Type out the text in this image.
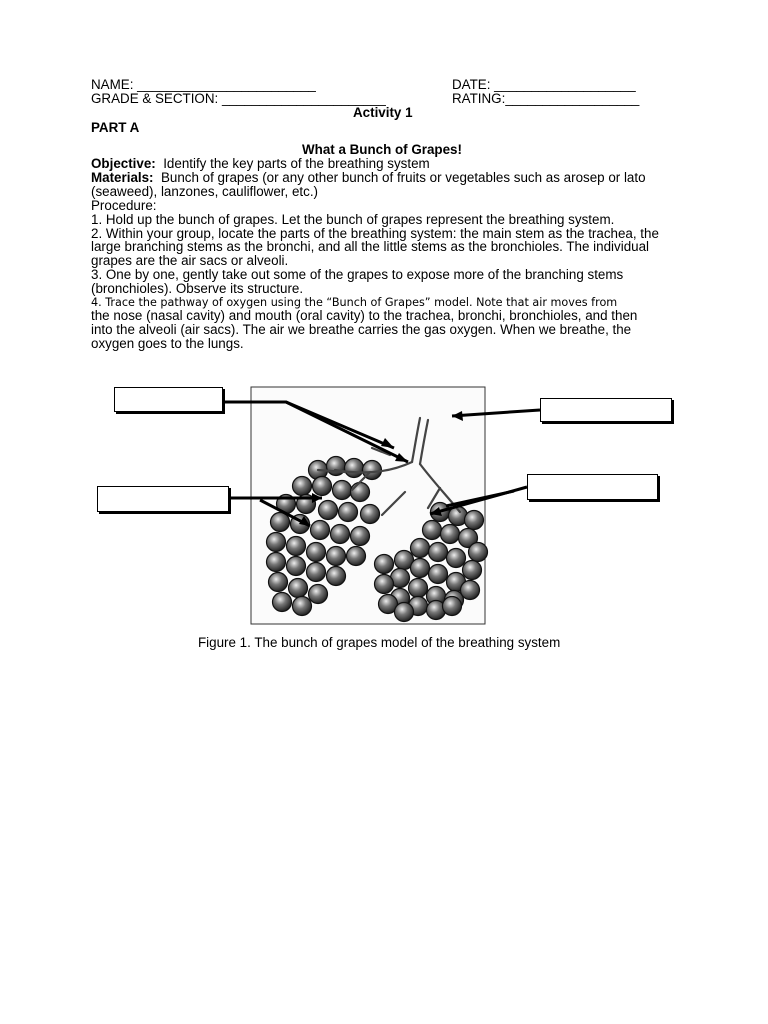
NAME: ________________________	DATE: ___________________
GRADE & SECTION: ______________________	RATING:__________________
Activity 1
PART A
What a Bunch of Grapes!
Objective: Identify the key parts of the breathing system
Materials: Bunch of grapes (or any other bunch of fruits or vegetables such as arosep or lato
(seaweed), lanzones, cauliflower, etc.)
Procedure:
1. Hold up the bunch of grapes. Let the bunch of grapes represent the breathing system.
2. Within your group, locate the parts of the breathing system: the main stem as the trachea, the
large branching stems as the bronchi, and all the little stems as the bronchioles. The individual
grapes are the air sacs or alveoli.
3. One by one, gently take out some of the grapes to expose more of the branching stems
(bronchioles). Observe its structure.
4. Trace the pathway of oxygen using the “Bunch of Grapes” model. Note that air moves from
the nose (nasal cavity) and mouth (oral cavity) to the trachea, bronchi, bronchioles, and then
into the alveoli (air sacs). The air we breathe carries the gas oxygen. When we breathe, the
oxygen goes to the lungs.
Figure 1. The bunch of grapes model of the breathing system
